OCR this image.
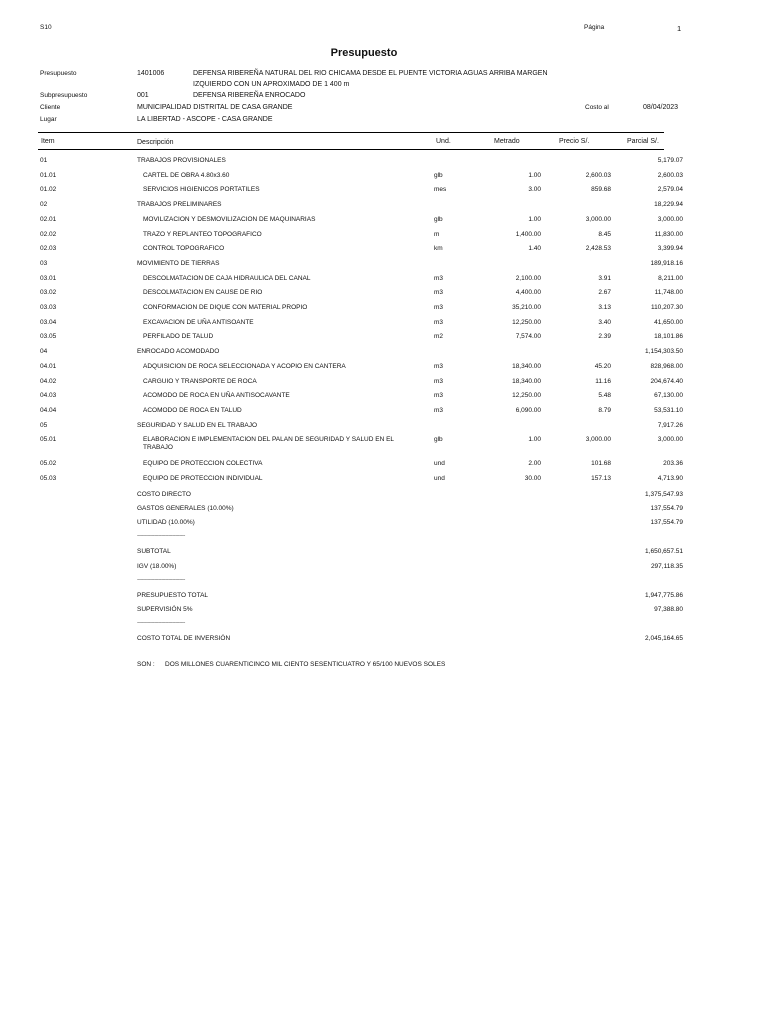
S10	Página	1
Presupuesto
Presupuesto	1401006	DEFENSA RIBEREÑA NATURAL DEL RIO CHICAMA DESDE EL PUENTE VICTORIA AGUAS ARRIBA MARGEN
IZQUIERDO CON UN APROXIMADO DE 1 400 m
Subpresupuesto	001	DEFENSA RIBEREÑA ENROCADO
Cliente	MUNICIPALIDAD DISTRITAL DE CASA GRANDE	Costo al	08/04/2023
Lugar	LA LIBERTAD - ASCOPE - CASA GRANDE
Item	Descripción	Und.	Metrado	Precio S/.	Parcial S/.
01	TRABAJOS PROVISIONALES	5,179.07
01.01	CARTEL DE OBRA 4.80x3.60	glb	1.00	2,600.03	2,600.03
01.02	SERVICIOS HIGIENICOS PORTATILES	mes	3.00	859.68	2,579.04
02	TRABAJOS PRELIMINARES	18,229.94
02.01	MOVILIZACION Y DESMOVILIZACION DE MAQUINARIAS	glb	1.00	3,000.00	3,000.00
02.02	TRAZO Y REPLANTEO TOPOGRAFICO	m	1,400.00	8.45	11,830.00
02.03	CONTROL TOPOGRAFICO	km	1.40	2,428.53	3,399.94
03	MOVIMIENTO DE TIERRAS	189,918.16
03.01	DESCOLMATACION DE CAJA HIDRAULICA DEL CANAL	m3	2,100.00	3.91	8,211.00
03.02	DESCOLMATACION EN CAUSE DE RIO	m3	4,400.00	2.67	11,748.00
03.03	CONFORMACION DE DIQUE CON MATERIAL PROPIO	m3	35,210.00	3.13	110,207.30
03.04	EXCAVACION DE UÑA ANTISOANTE	m3	12,250.00	3.40	41,650.00
03.05	PERFILADO DE TALUD	m2	7,574.00	2.39	18,101.86
04	ENROCADO ACOMODADO	1,154,303.50
04.01	ADQUISICION DE ROCA SELECCIONADA Y ACOPIO EN CANTERA	m3	18,340.00	45.20	828,968.00
04.02	CARGUIO Y TRANSPORTE DE ROCA	m3	18,340.00	11.16	204,674.40
04.03	ACOMODO DE ROCA EN UÑA ANTISOCAVANTE	m3	12,250.00	5.48	67,130.00
04.04	ACOMODO DE ROCA EN TALUD	m3	6,090.00	8.79	53,531.10
05	SEGURIDAD Y SALUD EN EL TRABAJO	7,917.26
05.01	ELABORACION E IMPLEMENTACION DEL PALAN DE SEGURIDAD Y SALUD EN EL TRABAJO
glb	1.00	3,000.00	3,000.00
05.02	EQUIPO DE PROTECCION COLECTIVA	und	2.00	101.68	203.36
05.03	EQUIPO DE PROTECCION INDIVIDUAL	und	30.00	157.13	4,713.90
COSTO DIRECTO	1,375,547.93
GASTOS GENERALES (10.00%)	137,554.79
UTILIDAD (10.00%)	137,554.79
-----------------------------------------
SUBTOTAL	1,650,657.51
IGV (18.00%)	297,118.35
-----------------------------------------
PRESUPUESTO TOTAL	1,947,775.86
SUPERVISIÓN 5%	97,388.80
-----------------------------------------
COSTO TOTAL DE INVERSIÓN	2,045,164.65
SON : DOS MILLONES CUARENTICINCO MIL CIENTO SESENTICUATRO Y 65/100 NUEVOS SOLES
